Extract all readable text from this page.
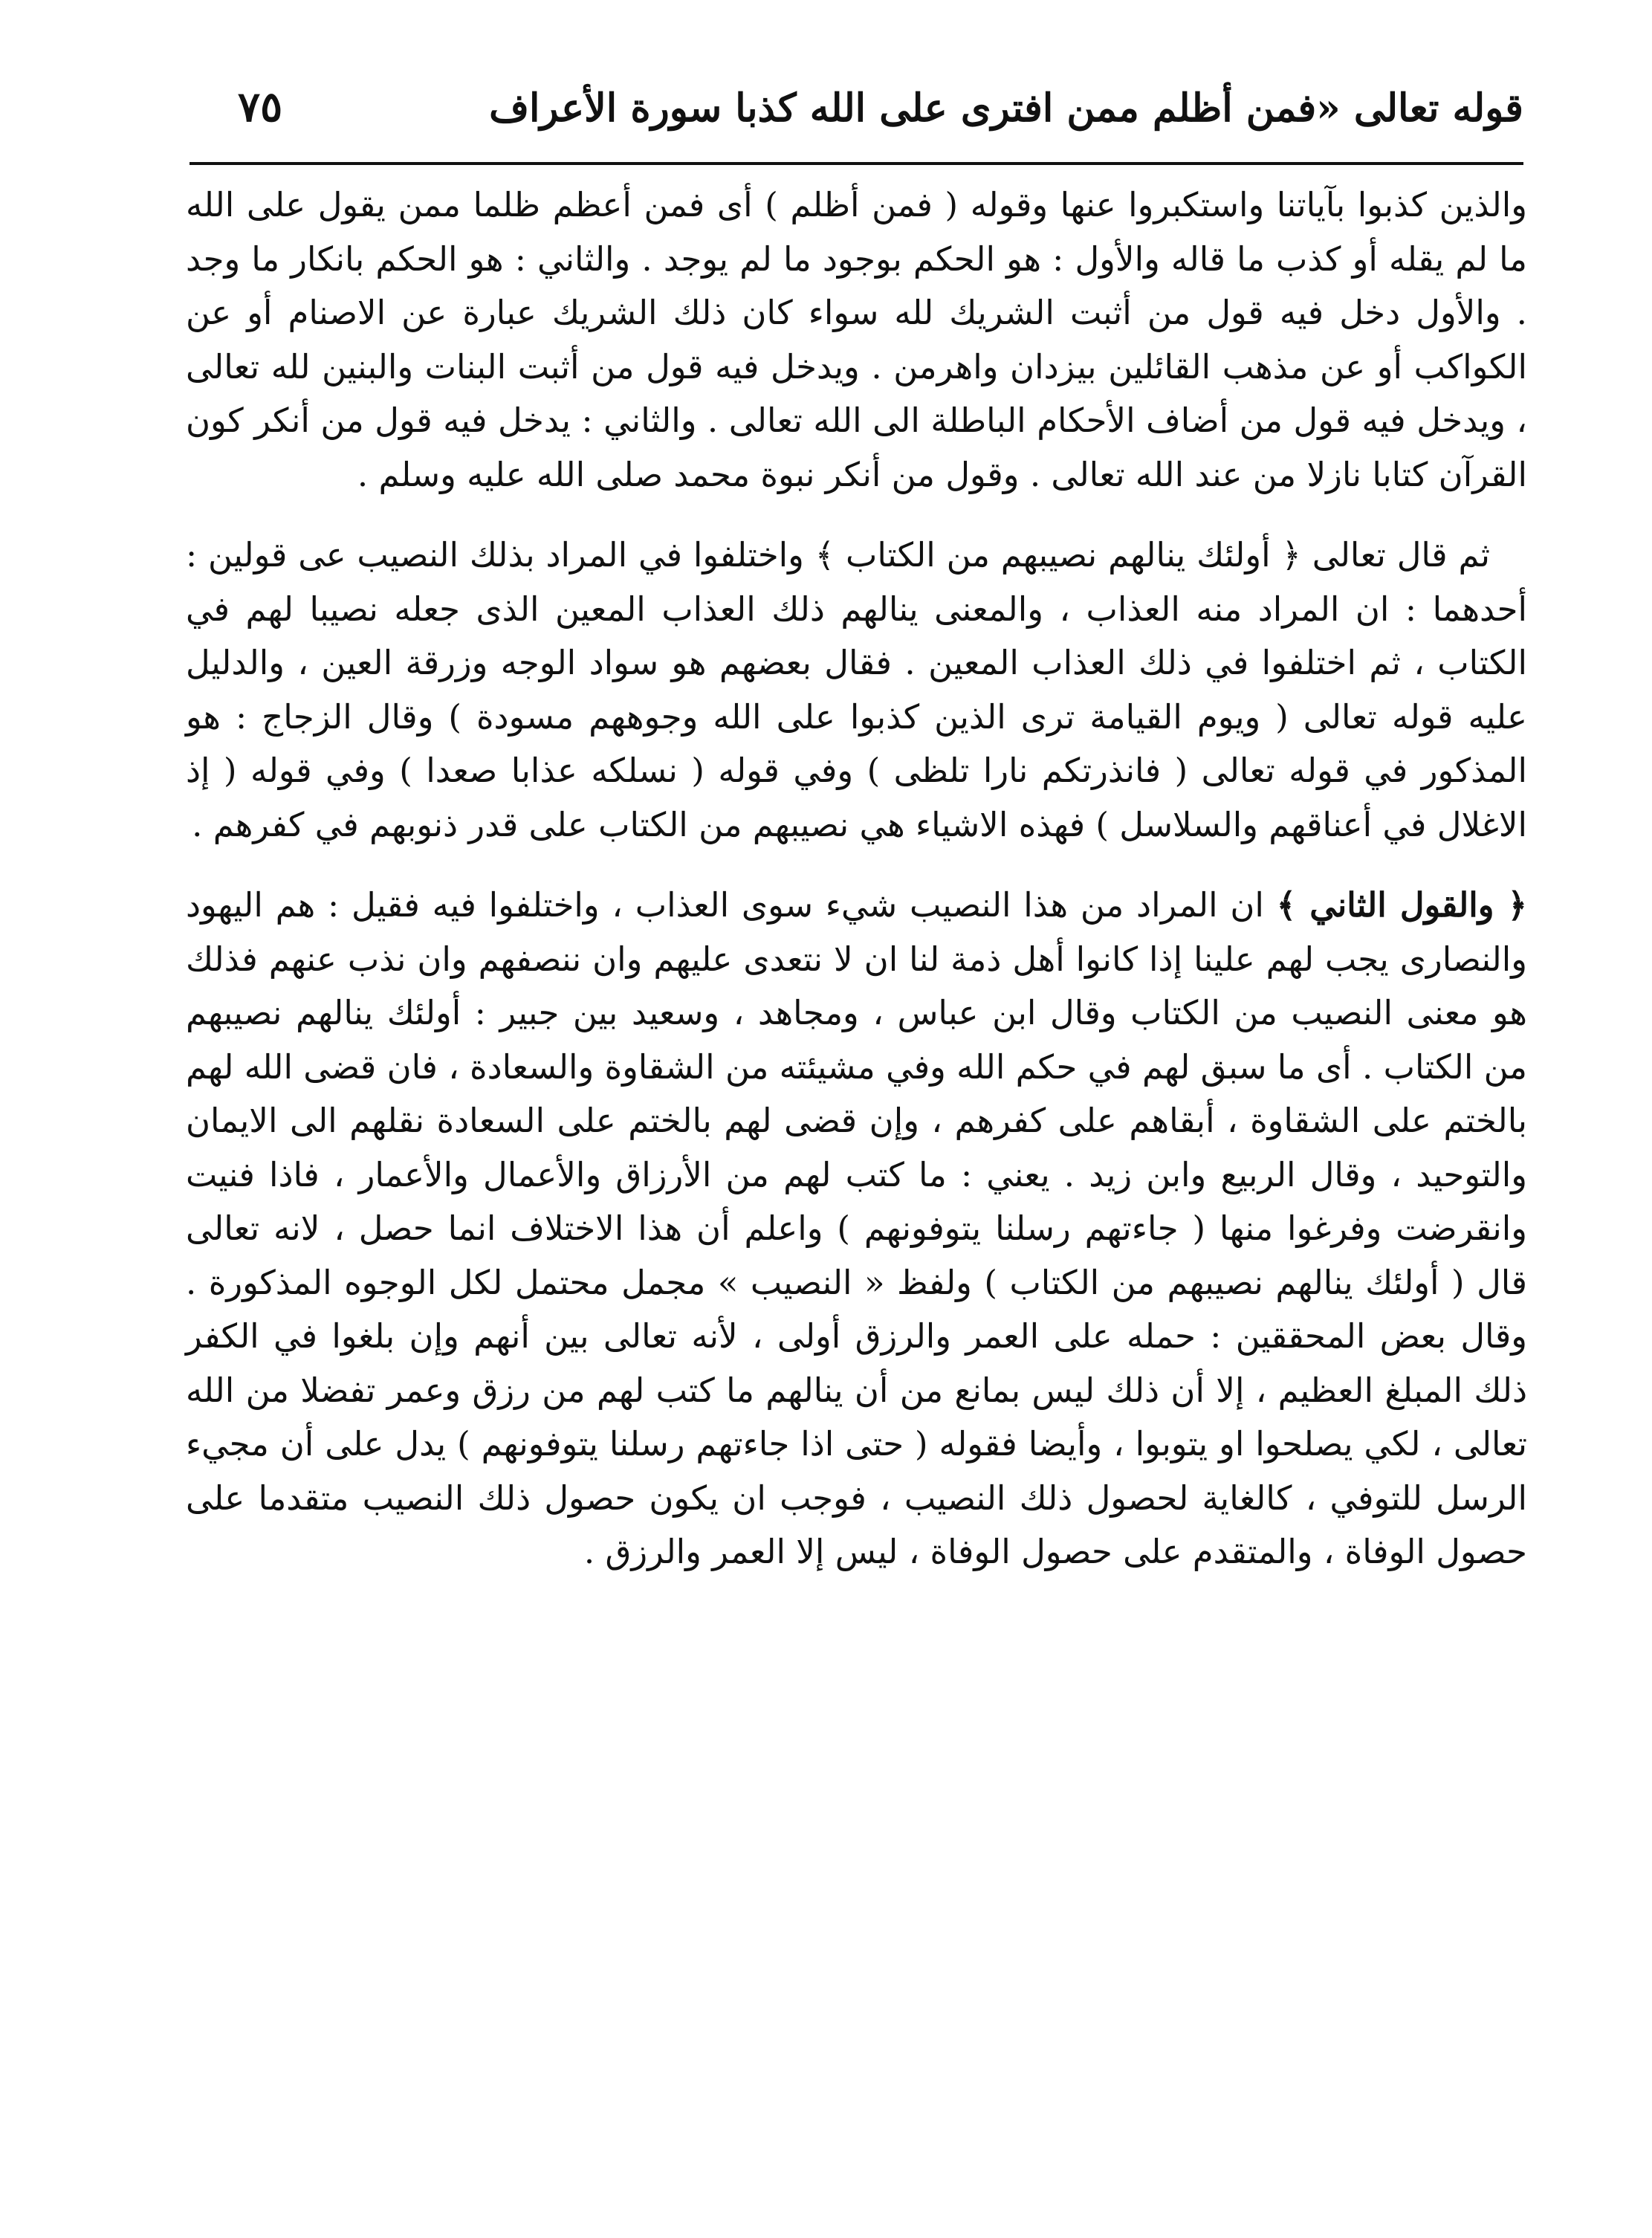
قوله تعالى «فمن أظلم ممن افترى على الله كذبا سورة الأعراف
٧٥

والذين كذبوا بآياتنا واستكبروا عنها وقوله ( فمن أظلم ) أى فمن أعظم ظلما ممن يقول على الله ما لم يقله أو كذب ما قاله والأول : هو الحكم بوجود ما لم يوجد . والثاني : هو الحكم بانكار ما وجد . والأول دخل فيه قول من أثبت الشريك لله سواء كان ذلك الشريك عبارة عن الاصنام أو عن الكواكب أو عن مذهب القائلين بيزدان واهرمن . ويدخل فيه قول من أثبت البنات والبنين لله تعالى ، ويدخل فيه قول من أضاف الأحكام الباطلة الى الله تعالى . والثاني : يدخل فيه قول من أنكر كون القرآن كتابا نازلا من عند الله تعالى . وقول من أنكر نبوة محمد صلى الله عليه وسلم .

ثم قال تعالى ﴿ أولئك ينالهم نصيبهم من الكتاب ﴾ واختلفوا في المراد بذلك النصيب عى قولين : أحدهما : ان المراد منه العذاب ، والمعنى ينالهم ذلك العذاب المعين الذى جعله نصيبا لهم في الكتاب ، ثم اختلفوا في ذلك العذاب المعين . فقال بعضهم هو سواد الوجه وزرقة العين ، والدليل عليه قوله تعالى ( ويوم القيامة ترى الذين كذبوا على الله وجوههم مسودة ) وقال الزجاج : هو المذكور في قوله تعالى ( فانذرتكم نارا تلظى ) وفي قوله ( نسلكه عذابا صعدا ) وفي قوله ( إذ الاغلال في أعناقهم والسلاسل ) فهذه الاشياء هي نصيبهم من الكتاب على قدر ذنوبهم في كفرهم .

﴿ والقول الثاني ﴾ ان المراد من هذا النصيب شيء سوى العذاب ، واختلفوا فيه فقيل : هم اليهود والنصارى يجب لهم علينا إذا كانوا أهل ذمة لنا ان لا نتعدى عليهم وان ننصفهم وان نذب عنهم فذلك هو معنى النصيب من الكتاب وقال ابن عباس ، ومجاهد ، وسعيد بين جبير : أولئك ينالهم نصيبهم من الكتاب . أى ما سبق لهم في حكم الله وفي مشيئته من الشقاوة والسعادة ، فان قضى الله لهم بالختم على الشقاوة ، أبقاهم على كفرهم ، وإن قضى لهم بالختم على السعادة نقلهم الى الايمان والتوحيد ، وقال الربيع وابن زيد . يعني : ما كتب لهم من الأرزاق والأعمال والأعمار ، فاذا فنيت وانقرضت وفرغوا منها ( جاءتهم رسلنا يتوفونهم ) واعلم أن هذا الاختلاف انما حصل ، لانه تعالى قال ( أولئك ينالهم نصيبهم من الكتاب ) ولفظ « النصيب » مجمل محتمل لكل الوجوه المذكورة . وقال بعض المحققين : حمله على العمر والرزق أولى ، لأنه تعالى بين أنهم وإن بلغوا في الكفر ذلك المبلغ العظيم ، إلا أن ذلك ليس بمانع من أن ينالهم ما كتب لهم من رزق وعمر تفضلا من الله تعالى ، لكي يصلحوا او يتوبوا ، وأيضا فقوله ( حتى اذا جاءتهم رسلنا يتوفونهم ) يدل على أن مجيء الرسل للتوفي ، كالغاية لحصول ذلك النصيب ، فوجب ان يكون حصول ذلك النصيب متقدما على حصول الوفاة ، والمتقدم على حصول الوفاة ، ليس إلا العمر والرزق .
